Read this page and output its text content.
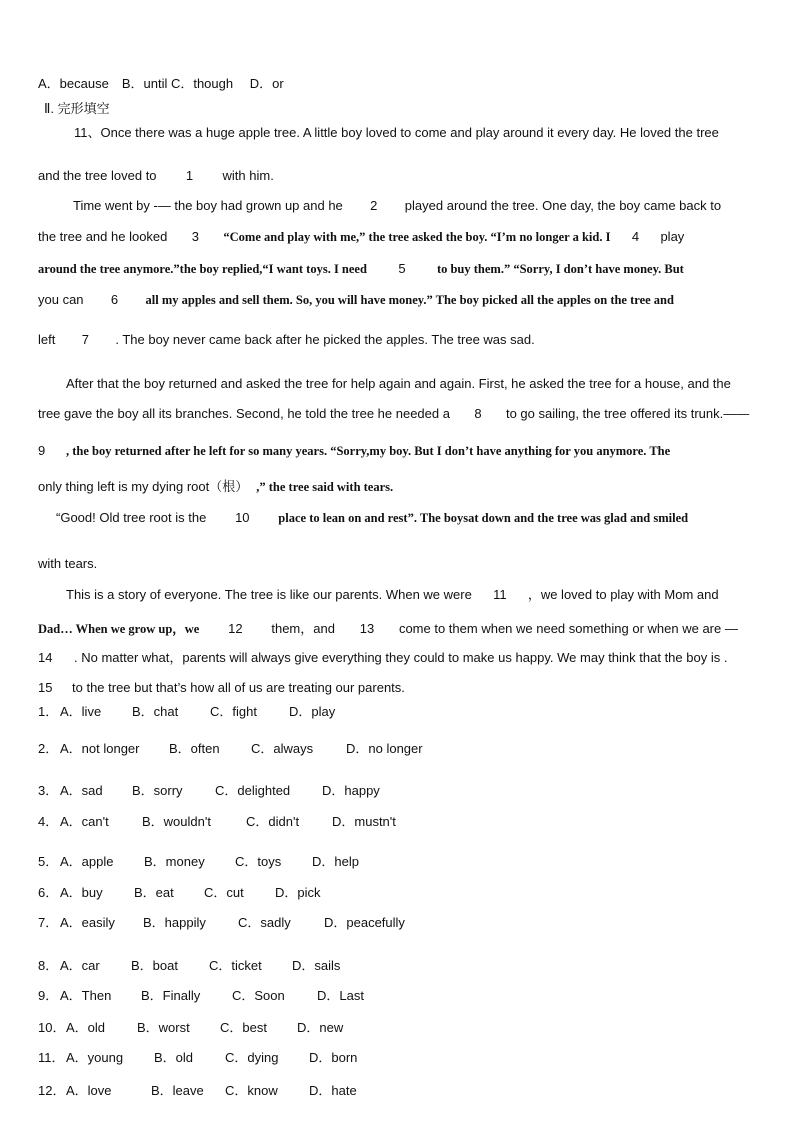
A．because　B．until C．though　 D．or
Ⅱ. 完形填空
11、Once there was a huge apple tree. A little boy loved to come and play around it every day. He loved the tree
and the tree loved to 1 with him.
Time went by -— the boy had grown up and he 2 played around the tree. One day, the boy came back to
the tree and he looked 3 “Come and play with me,” the tree asked the boy. “I’m no longer a kid. I 4 play
around the tree anymore.”the boy replied,“I want toys. I need 5	to buy them.” “Sorry, I don’t have money. But
you can 6 all my apples and sell them. So, you will have money.” The boy picked all the apples on the tree and
left 7 . The boy never came back after he picked the apples. The tree was sad.
After that the boy returned and asked the tree for help again and again. First, he asked the tree for a house, and the
tree gave the boy all its branches. Second, he told the tree he needed a 8 to go sailing, the tree offered its trunk.——
9 , the boy returned after he left for so many years. “Sorry,my boy. But I don’t have anything for you anymore. The
only thing left is my dying root（根） ,” the tree said with tears.
“Good! Old tree root is the 10 place to lean on and rest”. The boysat down and the tree was glad and smiled
with tears.
This is a story of everyone. The tree is like our parents. When we were 11 ，we loved to play with Mom and
Dad… When we grow up，we 12 them，and 13 come to them when we need something or when we are —
14 . No matter what，parents will always give everything they could to make us happy. We may think that the boy is .
15 to the tree but that’s how all of us are treating our parents.
1． A．live B．chat C．fight D．play
2． A．not longer B．often C．always	D．no longer
3． A．sad B．sorry C．delighted D．happy
4． A．can't	B．wouldn't	C．didn't	D．mustn't
5． A．apple B．money C．toys D．help
6． A．buy B．eat C．cut D．pick
7． A．easily B．happily C．sadly	D．peacefully
8． A．car B．boat C．ticket D．sails
9． A．Then B．Finally C．Soon D．Last
10． A．old B．worst C．best D．new
11． A．young B．old C．dying D．born
12． A．love	B．leave C．know D．hate
